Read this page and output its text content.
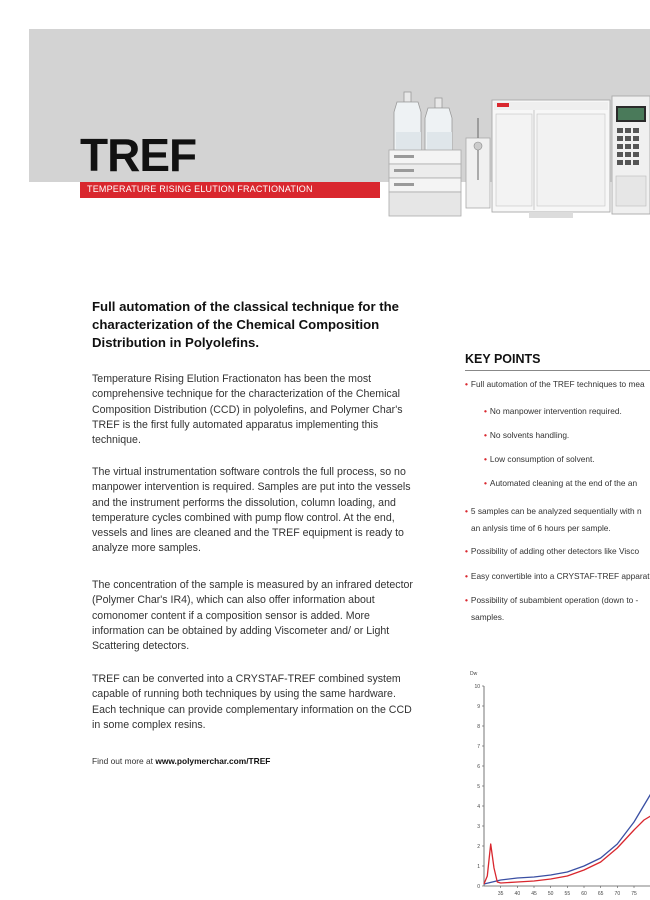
TREF
TEMPERATURE RISING ELUTION FRACTIONATION
Full automation of the classical technique for the characterization of the Chemical Composition Distribution in Polyolefins.
Temperature Rising Elution Fractionaton has been the most comprehensive technique for the characterization of the Chemical Composition Distribution (CCD) in polyolefins, and Polymer Char's TREF is the first fully automated apparatus implementing this technique.
The virtual instrumentation software controls the full process, so no manpower intervention is required. Samples are put into the vessels and the instrument performs the dissolution, column loading, and temperature cycles combined with pump flow control. At the end, vessels and lines are cleaned and the TREF equipment is ready to analyze more samples.
The concentration of the sample is measured by an infrared detector (Polymer Char's IR4), which can also offer information about comonomer content if a composition sensor is added. More information can be obtained by adding Viscometer and/ or Light Scattering detectors.
TREF can be converted into a CRYSTAF-TREF combined system capable of running both techniques by using the same hardware. Each technique can provide complementary information on the CCD in some complex resins.
Find out more at www.polymerchar.com/TREF
KEY POINTS
• Full automation of the TREF techniques to mea
• No manpower intervention required.
• No solvents handling.
• Low consumption of solvent.
• Automated cleaning at the end of the an
• 5 samples can be analyzed sequentially with n
an anlysis time of 6 hours per sample.
• Possibility of adding other detectors like Visco
• Easy convertible into a CRYSTAF-TREF apparat
• Possibility of subambient operation (down to -
samples.
Dw
10
9
8
7
6
5
4
3
2
1
0
35 40 45 50 55 60 65 70 75
